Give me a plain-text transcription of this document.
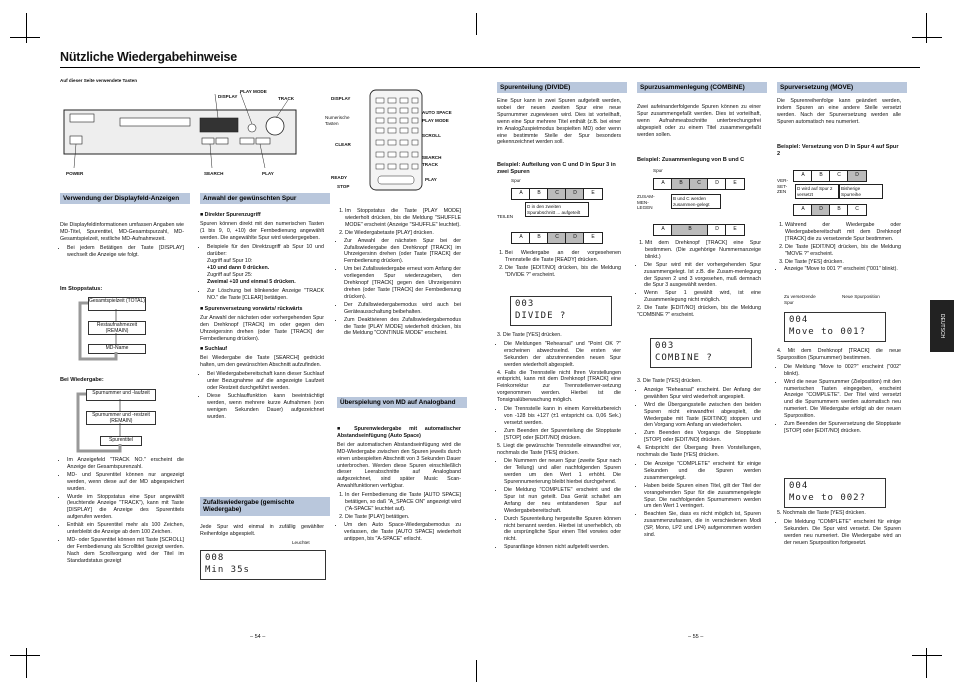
Nützliche Wiedergabehinweise
Auf dieser Seite verwendete Tasten
DISPLAY
PLAY MODE
TRACK
POWER	SEARCH	PLAY
DISPLAY
Numerische Tasten
AUTO SPACE
PLAY MODE
SCROLL
CLEAR
SEARCH
TRACK
READY
STOP
PLAY
Verwendung der Displayfeld-Anzeigen

Die Displayfeldinformationen umfassen Angaben wie MD-Titel, Spurentitel, MD-Gesamtspurzahl, MD-Gesamtspielzeit, restliche MD-Aufnahmezeit.

• Bei jedem Betätigen der Taste [DISPLAY] wechselt die Anzeige wie folgt.
Im Stoppstatus:
Gesamtspielzeit (TOTAL)
Restaufnahmezeit (REMAIN)
MD-Name
Bei Wiedergabe:
Spurnummer und -laufzeit
Spurnummer und -restzeit (REMAIN)
Spurentitel
• Im Anzeigefeld "TRACK NO." erscheint die Anzeige der Gesamtspurenzahl.
• MD- und Spurentitel können nur angezeigt werden, wenn diese auf der MD abgespeichert wurden.
• Wurde im Stoppstatus eine Spur angewählt (leuchtende Anzeige "TRACK"), kann mit Taste [DISPLAY] die Anzeige des Spurentitels aufgerufen werden.
• Enthält ein Spurentitel mehr als 100 Zeichen, unterbleibt die Anzeige ab dem 100 Zeichen.
• MD- oder Spurentitel können mit Taste [SCROLL] der Fernbedienung als Scrolltitel gezeigt werden. Nach dem Scrollvorgang wird der Titel im Standardstatus gezeigt
Anwahl der gewünschten Spur

■ Direkter Spurenzugriff

Spuren können direkt mit den numerischen Tasten (1 bis 9, 0, +10) der Fernbedienung angewählt werden. Die angewählte Spur wird wiedergegeben.

• Beispiele für den Direktzugriff ab Spur 10 und darüber:

Zugriff auf Spur 10:

+10 und dann 0 drücken.

Zugriff auf Spur 25:

Zweimal +10 und einmal 5 drücken.

• Zur Löschung bei blinkender Anzeige "TRACK NO." die Taste [CLEAR] betätigen.

■ Spurenversetzung vorwärts/ rückwärts

Zur Anwahl der nächsten oder vorhergehenden Spur den Drehknopf [TRACK] im oder gegen den Uhrzeigersinn drehen (oder Taste [TRACK] der Fernbedienung drücken).

■ Suchlauf

Bei Wiedergabe die Taste [SEARCH] gedrückt halten, um den gewünschten Abschnitt aufzufinden.

• Bei Wiedergabebereitschaft kann dieser Suchlauf unter Bezugnahme auf die angezeigte Laufzeit oder Restzeit durchgeführt werden.
• Diese Suchlauffunktion kann beeinträchtigt werden, wenn mehrere kurze Aufnahmen (von wenigen Sekunden Dauer) aufgezeichnet wurden.
Zufallswiedergabe (gemischte Wiedergabe)
Jede Spur wird einmal in zufällig gewählter Reihenfolge abgespielt.
Leuchtet
008
Min 35s
– 54 –
1. Im Stoppstatus die Taste [PLAY MODE] wiederholt drücken, bis die Meldung "SHUFFLE MODE" erscheint (Anzeige "SHUFFLE" leuchtet).
2. Die Wiedergabetaste [PLAY] drücken.
• Zur Anwahl der nächsten Spur bei der Zufallswiedergabe den Drehknopf [TRACK] im Uhrzeigersinn drehen (oder Taste [TRACK] der Fernbedienung drücken).
• Um bei Zufallswiedergabe erneut vom Anfang der vorliegenden Spur wiederzugeben, den Drehknopf [TRACK] gegen den Uhrzeigersinn drehen (oder Taste [TRACK] der Fernbedienung drücken).
• Der Zufallswiedergabemodus wird auch bei Geräteausschaltung beibehalten.
• Zum Deaktivieren des Zufallswiedergabemodus die Taste [PLAY MODE] wiederholt drücken, bis die Meldung "CONTINUE MODE" erscheint.
Überspielung von MD auf Analogband

■ Spurenwiedergabe mit automatischer Abstandseinfügung (Auto Space)

Bei der automatischen Abstandseinfügung wird die MD-Wiedergabe zwischen den Spuren jeweils durch einen unbespielten Abschnitt von 3 Sekunden Dauer unterbrochen. Werden diese Spuren einschließlich dieser Leerabschnitte auf Analogband aufgezeichnet, sind später Music Scan-Anwahlfunktionen verfügbar.

1. In der Fernbedienung die Taste [AUTO SPACE] betätigen, so daß "A_SPACE ON" angezeigt wird ("A-SPACE" leuchtet auf).
2. Die Taste [PLAY] betätigen.
• Um den Auto Space-Wiedergabemodus zu verlassen, die Taste [AUTO SPACE] wiederholt antippen, bis "A-SPACE" erlischt.
Spurenteilung (DIVIDE)
Eine Spur kann in zwei Spuren aufgeteilt werden, wobei der neuen zweiten Spur eine neue Spurnummer zugewiesen wird. Dies ist vorteilhaft, wenn eine Spur mehrere Titel enthält (z.B. bei einer im AnalogZuspielmodus bespielten MD) oder wenn eine bestimmte Stelle der Spur besonders gekennzeichnet werden soll.
Beispiel: Aufteilung von C und D in Spur 3 in zwei Spuren
Spur
TEILEN
A	B	C	D	E
D in den zweiten Spurabschnitt ... aufgeteilt
A	B	C	D	E
1. Bei Wiedergabe an der vorgesehenen Trennstelle die Taste [READY] drücken.
2. Die Taste [EDIT/NO] drücken, bis die Meldung "DIVIDE ?" erscheint.
003
DIVIDE ?

3. Die Taste [YES] drücken.

• Die Meldungen "Rehearsal" und "Point OK ?" erscheinen abwechselnd. Die ersten vier Sekunden der abzutrennenden neuen Spur werden wiederholt abgespielt.

4. Falls die Trennstelle nicht Ihren Vorstellungen entspricht, kann mit dem Drehknopf [TRACK] eine Feinkorrektur zur Trennstellenver-setzung vorgenommen werden. Hierbei ist die Tonsignalüberwachung möglich.

• Die Trennstelle kann in einem Korrekturbereich von -128 bis +127 (±1 entspricht ca. 0,06 Sek.) versetzt werden.
• Zum Beenden der Spurenteilung die Stopptaste [STOP] oder [EDIT/NO] drücken.

5. Liegt die gewünschte Trennstelle einwandfrei vor, nochmals die Taste [YES] drücken.

• Die Nummern der neuen Spur (zweite Spur nach der Teilung) und aller nachfolgenden Spuren werden um den Wert 1 erhöht. Die Spurennumerierung bleibt hierbei durchgehend.
• Die Meldung "COMPLETE" erscheint und die Spur ist nun geteilt. Das Gerät schaltet am Anfang der neu entstandenen Spur auf Wiedergabebereitschaft.
• Durch Spurenteilung hergestellte Spuren können nicht benannt werden. Hierbei ist unerheblich, ob die ursprüngliche Spur einen Titel vorwies oder nicht.
• Spuranfänge können nicht aufgeteilt werden.
Spurzusammenlegung (COMBINE)
Zwei aufeinanderfolgende Spuren können zu einer Spur zusammengefaßt werden. Dies ist vorteilhaft, wenn Aufnahmeabschnitte unterbrechungsfrei abgespielt oder zu einem Titel zusammengefaßt werden sollen.
Beispiel: Zusammenlegung von B und C
Spur
ZUSAM-MEN-LEGEN
A	B	C	D	E
B und C werden zusammen-gelegt
A	B	D	E
1. Mit dem Drehknopf [TRACK] eine Spur bestimmen. (Die zugehörige Nummernanzeige blinkt.)
• Die Spur wird mit der vorhergehenden Spur zusammengelegt. Ist z.B. die Zusam-menlegung der Spuren 2 und 3 vorgesehen, muß demnach die Spur 3 ausgewählt werden.
• Wenn Spur 1 gewählt wird, ist eine Zusammenlegung nicht möglich.

2. Die Taste [EDIT/NO] drücken, bis die Meldung "COMBINE ?" erscheint.

003
COMBINE ?

3. Die Taste [YES] drücken.

• Anzeige "Rehearsal" erscheint. Der Anfang der gewählten Spur wird wiederholt angespielt.
• Wird die Übergangsstelle zwischen den beiden Spuren nicht einwandfrei abgespielt, die Wiedergabe mit Taste [EDIT/NO] stoppen und den Vorgang vom Anfang an wiederholen.
• Zum Beenden des Vorgangs die Stopptaste [STOP] oder [EDIT/NO] drücken.

4. Entspricht der Übergang Ihren Vorstellungen, nochmals die Taste [YES] drücken.

• Die Anzeige "COMPLETE" erscheint für einige Sekunden und die Spuren werden zusammengelegt.
• Haben beide Spuren einen Titel, gilt der Titel der vorangehenden Spur für die zusammengelegte Spur. Die nachfolgenden Spurnummern werden um den Wert 1 verringert.
• Beachten Sie, dass es nicht möglich ist, Spuren zusammenzufassen, die in verschiedenen Modi (SP, Mono, LP2 und LP4) aufgenommen worden sind.
– 55 –
Spurversetzung (MOVE)
Die Spurenreihenfolge kann geändert werden, indem Spuren an eine andere Stelle versetzt werden. Nach der Spurversetzung werden alle Spuren automatisch neu numeriert.
Beispiel: Versetzung von D in Spur 4 auf Spur 2
VER-SET-ZEN
A	B	C	D
D wird auf Spur 2 versetzt
Bisherige Spurreihe
A	D	B	C
1. Während der Wiedergabe oder Wiedergabebereitschaft mit dem Drehknopf [TRACK] die zu versetzende Spur bestimmen.
2. Die Taste [EDIT/NO] drücken, bis die Meldung "MOVE ?" erscheint.
3. Die Taste [YES] drücken.
• Anzeige "Move to 001 ?" erscheint ("001" blinkt).
Zu versetzende Spur
Neue Spurposition
004
Move to 001?

4. Mit dem Drehknopf [TRACK] die neue Spurposition (Spurnummer) bestimmen.

• Die Meldung "Move to 002?" erscheint ("002" blinkt).
• Wird die neue Spurnummer (Zielposition) mit den numerischen Tasten eingegeben, erscheint Anzeige "COMPLETE". Der Titel wird versetzt und die Spurnummern werden automatisch neu numeriert. Die Wiedergabe erfolgt ab der neuen Spurposition.
• Zum Beenden der Spurversetzung die Stopptaste [STOP] oder [EDIT/NO] drücken.
004
Move to 002?

5. Nochmals die Taste [YES] drücken.

• Die Meldung "COMPLETE" erscheint für einige Sekunden. Die Spur wird versetzt. Die Spuren werden neu numeriert. Die Wiedergabe wird an der neuen Spurposition fortgesetzt.
DEUTSCH
